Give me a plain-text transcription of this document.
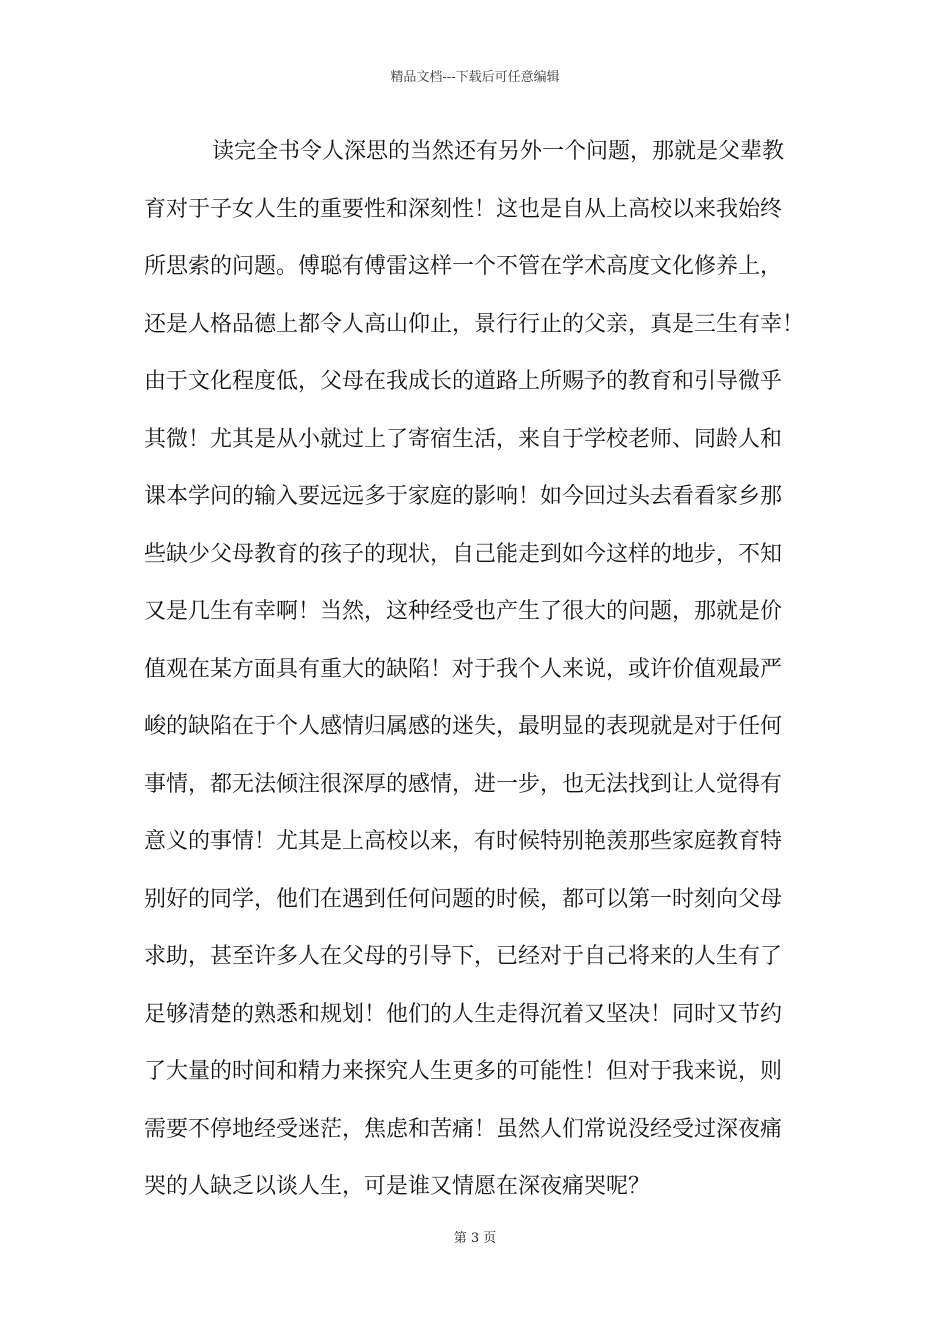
精品文档---下载后可任意编辑
读完全书令人深思的当然还有另外一个问题，那就是父辈教
育对于子女人生的重要性和深刻性！这也是自从上高校以来我始终
所思索的问题。傅聪有傅雷这样一个不管在学术高度文化修养上，
还是人格品德上都令人高山仰止，景行行止的父亲，真是三生有幸！
由于文化程度低，父母在我成长的道路上所赐予的教育和引导微乎
其微！尤其是从小就过上了寄宿生活，来自于学校老师、同龄人和
课本学问的输入要远远多于家庭的影响！如今回过头去看看家乡那
些缺少父母教育的孩子的现状，自己能走到如今这样的地步，不知
又是几生有幸啊！当然，这种经受也产生了很大的问题，那就是价
值观在某方面具有重大的缺陷！对于我个人来说，或许价值观最严
峻的缺陷在于个人感情归属感的迷失，最明显的表现就是对于任何
事情，都无法倾注很深厚的感情，进一步，也无法找到让人觉得有
意义的事情！尤其是上高校以来，有时候特别艳羡那些家庭教育特
别好的同学，他们在遇到任何问题的时候，都可以第一时刻向父母
求助，甚至许多人在父母的引导下，已经对于自己将来的人生有了
足够清楚的熟悉和规划！他们的人生走得沉着又坚决！同时又节约
了大量的时间和精力来探究人生更多的可能性！但对于我来说，则
需要不停地经受迷茫，焦虑和苦痛！虽然人们常说没经受过深夜痛
哭的人缺乏以谈人生，可是谁又情愿在深夜痛哭呢？
第 3 页
